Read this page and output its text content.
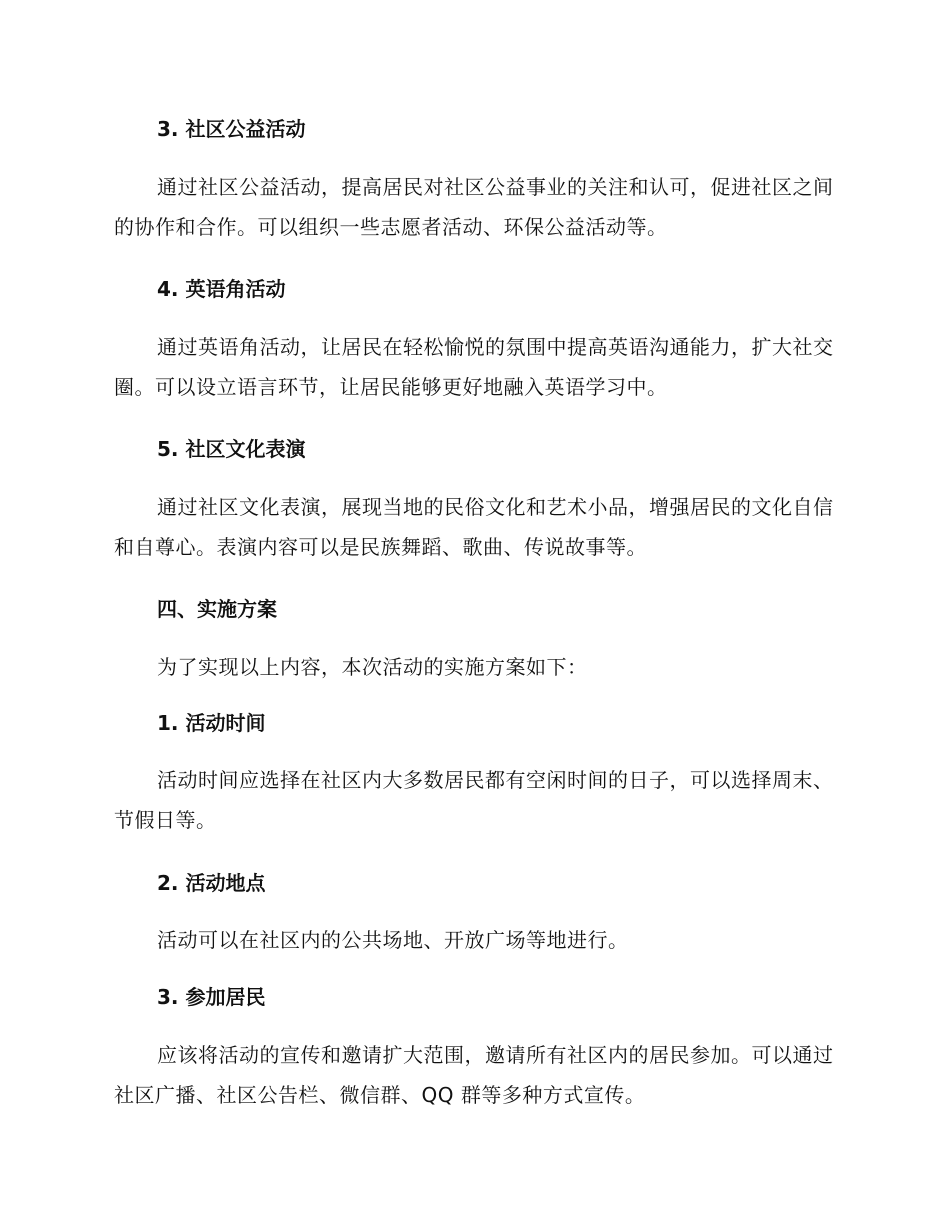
3. 社区公益活动
通过社区公益活动，提高居民对社区公益事业的关注和认可，促进社区之间的协作和合作。可以组织一些志愿者活动、环保公益活动等。
4. 英语角活动
通过英语角活动，让居民在轻松愉悦的氛围中提高英语沟通能力，扩大社交圈。可以设立语言环节，让居民能够更好地融入英语学习中。
5. 社区文化表演
通过社区文化表演，展现当地的民俗文化和艺术小品，增强居民的文化自信和自尊心。表演内容可以是民族舞蹈、歌曲、传说故事等。
四、实施方案
为了实现以上内容，本次活动的实施方案如下：
1. 活动时间
活动时间应选择在社区内大多数居民都有空闲时间的日子，可以选择周末、节假日等。
2. 活动地点
活动可以在社区内的公共场地、开放广场等地进行。
3. 参加居民
应该将活动的宣传和邀请扩大范围，邀请所有社区内的居民参加。可以通过社区广播、社区公告栏、微信群、QQ 群等多种方式宣传。
